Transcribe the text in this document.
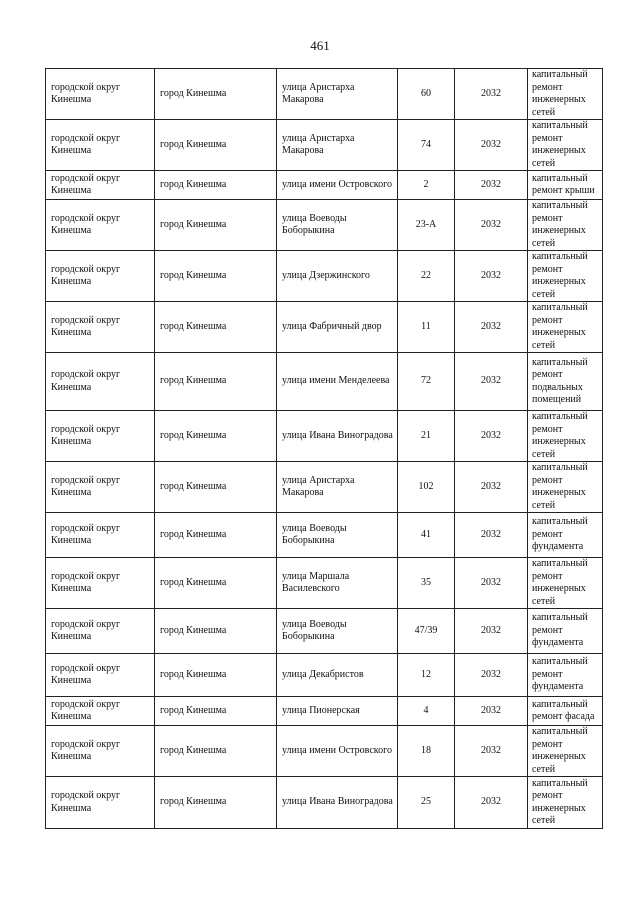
461
городской округ Кинешма	город Кинешма	улица Аристарха Макарова	60	2032	капитальный ремонт инженерных сетей
городской округ Кинешма	город Кинешма	улица Аристарха Макарова	74	2032	капитальный ремонт инженерных сетей
городской округ Кинешма	город Кинешма	улица имени Островского	2	2032	капитальный ремонт крыши
городской округ Кинешма	город Кинешма	улица Воеводы Боборыкина	23-А	2032	капитальный ремонт инженерных сетей
городской округ Кинешма	город Кинешма	улица Дзержинского	22	2032	капитальный ремонт инженерных сетей
городской округ Кинешма	город Кинешма	улица Фабричный двор	11	2032	капитальный ремонт инженерных сетей
городской округ Кинешма	город Кинешма	улица имени Менделеева	72	2032	капитальный ремонт подвальных помещений
городской округ Кинешма	город Кинешма	улица Ивана Виноградова	21	2032	капитальный ремонт инженерных сетей
городской округ Кинешма	город Кинешма	улица Аристарха Макарова	102	2032	капитальный ремонт инженерных сетей
городской округ Кинешма	город Кинешма	улица Воеводы Боборыкина	41	2032	капитальный ремонт фундамента
городской округ Кинешма	город Кинешма	улица Маршала Василевского	35	2032	капитальный ремонт инженерных сетей
городской округ Кинешма	город Кинешма	улица Воеводы Боборыкина	47/39	2032	капитальный ремонт фундамента
городской округ Кинешма	город Кинешма	улица Декабристов	12	2032	капитальный ремонт фундамента
городской округ Кинешма	город Кинешма	улица Пионерская	4	2032	капитальный ремонт фасада
городской округ Кинешма	город Кинешма	улица имени Островского	18	2032	капитальный ремонт инженерных сетей
городской округ Кинешма	город Кинешма	улица Ивана Виноградова	25	2032	капитальный ремонт инженерных сетей
